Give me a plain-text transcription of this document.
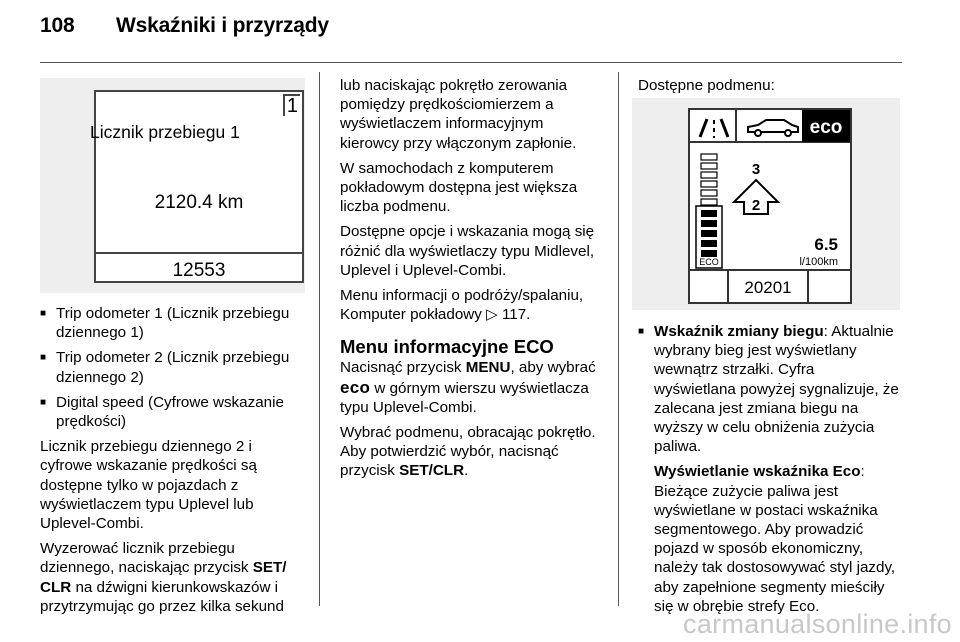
108 Wskaźniki i przyrządy
1
Licznik przebiegu 1
2120.4 km
12553
■ Trip odometer 1 (Licznik przebiegu dziennego 1)
■ Trip odometer 2 (Licznik przebiegu dziennego 2)
■ Digital speed (Cyfrowe wskazanie prędkości)

Licznik przebiegu dziennego 2 i cyfrowe wskazanie prędkości są dostępne tylko w pojazdach z wyświetlaczem typu Uplevel lub Uplevel-Combi.

Wyzerować licznik przebiegu dziennego, naciskając przycisk SET/ CLR na dźwigni kierunkowskazów i przytrzymując go przez kilka sekund

lub naciskając pokrętło zerowania pomiędzy prędkościomierzem a wyświetlaczem informacyjnym kierowcy przy włączonym zapłonie.

W samochodach z komputerem pokładowym dostępna jest większa liczba podmenu.

Dostępne opcje i wskazania mogą się różnić dla wyświetlaczy typu Midlevel, Uplevel i Uplevel-Combi.

Menu informacji o podróży/spalaniu, Komputer pokładowy ▷ 117.

Menu informacyjne ECO

Nacisnąć przycisk MENU, aby wybrać eco w górnym wierszu wyświetlacza typu Uplevel-Combi.

Wybrać podmenu, obracając pokrętło. Aby potwierdzić wybór, nacisnąć przycisk SET/CLR.

Dostępne podmenu:

eco
ECO
3
2
6.5
l/100km
20201
■ Wskaźnik zmiany biegu: Aktualnie wybrany bieg jest wyświetlany wewnątrz strzałki. Cyfra wyświetlana powyżej sygnalizuje, że zalecana jest zmiana biegu na wyższy w celu obniżenia zużycia paliwa.

Wyświetlanie wskaźnika Eco: Bieżące zużycie paliwa jest wyświetlane w postaci wskaźnika segmentowego. Aby prowadzić pojazd w sposób ekonomiczny, należy tak dostosowywać styl jazdy, aby zapełnione segmenty mieściły się w obrębie strefy Eco.

carmanualsonline.info
